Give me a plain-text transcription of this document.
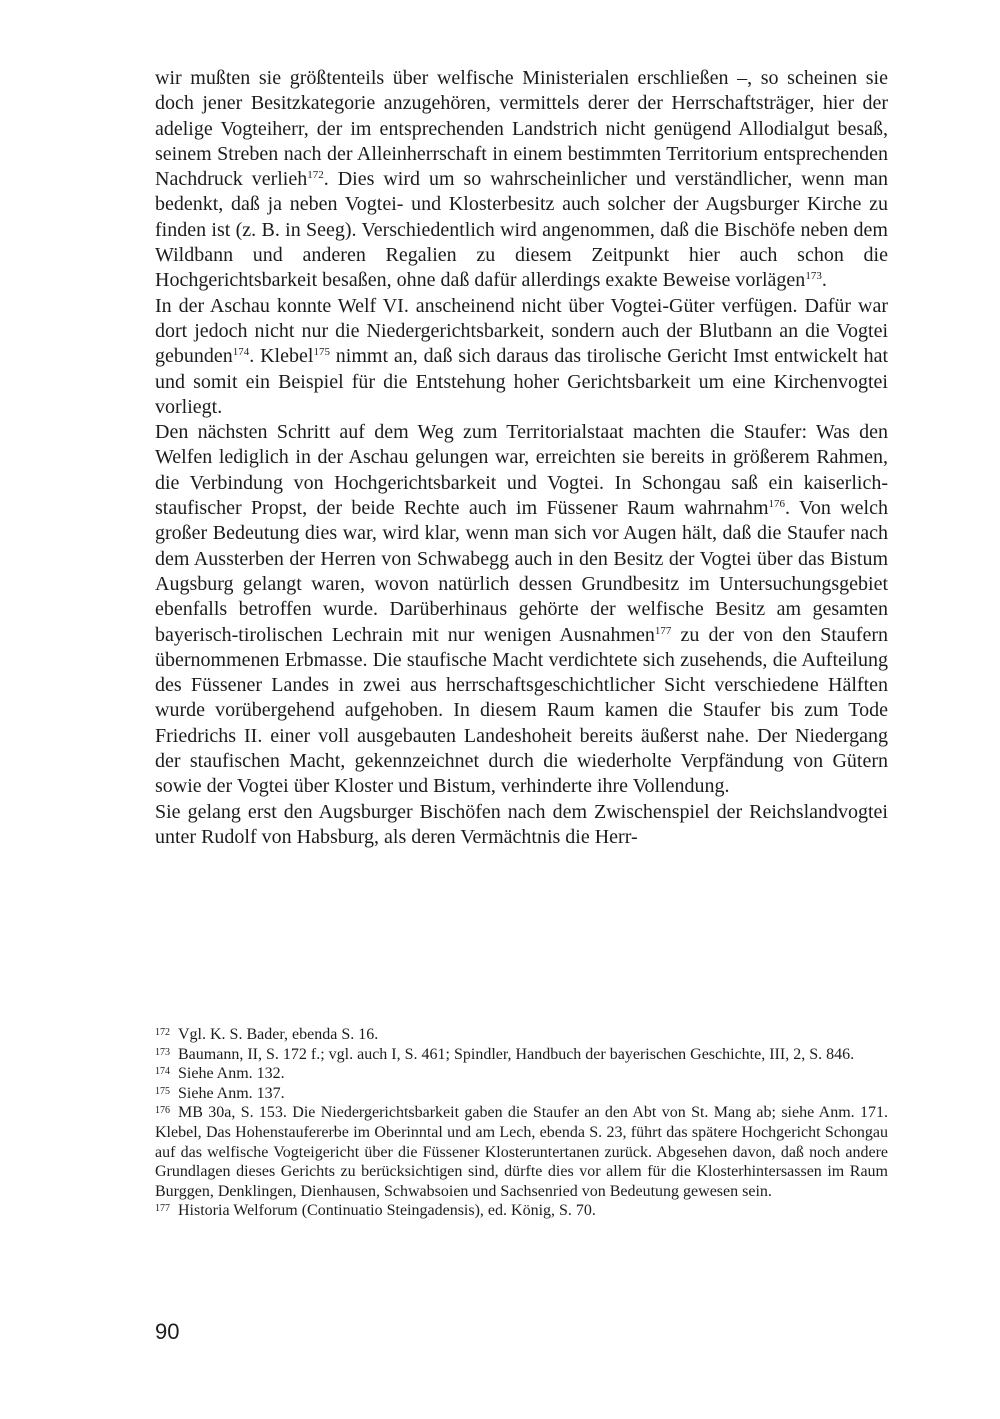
wir mußten sie größtenteils über welfische Ministerialen erschließen –, so scheinen sie doch jener Besitzkategorie anzugehören, vermittels derer der Herrschaftsträger, hier der adelige Vogteiherr, der im entsprechenden Landstrich nicht genügend Allodialgut besaß, seinem Streben nach der Alleinherrschaft in einem bestimmten Territorium entsprechenden Nachdruck verlieh$^{172}$. Dies wird um so wahrscheinlicher und verständlicher, wenn man bedenkt, daß ja neben Vogtei- und Klosterbesitz auch solcher der Augsburger Kirche zu finden ist (z. B. in Seeg). Verschiedentlich wird angenommen, daß die Bischöfe neben dem Wildbann und anderen Regalien zu diesem Zeitpunkt hier auch schon die Hochgerichtsbarkeit besaßen, ohne daß dafür allerdings exakte Beweise vorlägen$^{173}$.

In der Aschau konnte Welf VI. anscheinend nicht über Vogtei-Güter verfügen. Dafür war dort jedoch nicht nur die Niedergerichtsbarkeit, sondern auch der Blutbann an die Vogtei gebunden$^{174}$. Klebel$^{175}$ nimmt an, daß sich daraus das tirolische Gericht Imst entwickelt hat und somit ein Beispiel für die Entstehung hoher Gerichtsbarkeit um eine Kirchenvogtei vorliegt.

Den nächsten Schritt auf dem Weg zum Territorialstaat machten die Staufer: Was den Welfen lediglich in der Aschau gelungen war, erreichten sie bereits in größerem Rahmen, die Verbindung von Hochgerichtsbarkeit und Vogtei. In Schongau saß ein kaiserlich-staufischer Propst, der beide Rechte auch im Füssener Raum wahrnahm$^{176}$. Von welch großer Bedeutung dies war, wird klar, wenn man sich vor Augen hält, daß die Staufer nach dem Aussterben der Herren von Schwabegg auch in den Besitz der Vogtei über das Bistum Augsburg gelangt waren, wovon natürlich dessen Grundbesitz im Untersuchungsgebiet ebenfalls betroffen wurde. Darüberhinaus gehörte der welfische Besitz am gesamten bayerisch-tirolischen Lechrain mit nur wenigen Ausnahmen$^{177}$ zu der von den Staufern übernommenen Erbmasse. Die staufische Macht verdichtete sich zusehends, die Aufteilung des Füssener Landes in zwei aus herrschaftsgeschichtlicher Sicht verschiedene Hälften wurde vorübergehend aufgehoben. In diesem Raum kamen die Staufer bis zum Tode Friedrichs II. einer voll ausgebauten Landeshoheit bereits äußerst nahe. Der Niedergang der staufischen Macht, gekennzeichnet durch die wiederholte Verpfändung von Gütern sowie der Vogtei über Kloster und Bistum, verhinderte ihre Vollendung.

Sie gelang erst den Augsburger Bischöfen nach dem Zwischenspiel der Reichslandvogtei unter Rudolf von Habsburg, als deren Vermächtnis die Herr-

$^{172}$ Vgl. K. S. Bader, ebenda S. 16.

$^{173}$ Baumann, II, S. 172 f.; vgl. auch I, S. 461; Spindler, Handbuch der bayerischen Geschichte, III, 2, S. 846.

$^{174}$ Siehe Anm. 132.

$^{175}$ Siehe Anm. 137.

$^{176}$ MB 30a, S. 153. Die Niedergerichtsbarkeit gaben die Staufer an den Abt von St. Mang ab; siehe Anm. 171. Klebel, Das Hohenstaufererbe im Oberinntal und am Lech, ebenda S. 23, führt das spätere Hochgericht Schongau auf das welfische Vogteigericht über die Füssener Klosteruntertanen zurück. Abgesehen davon, daß noch andere Grundlagen dieses Gerichts zu berücksichtigen sind, dürfte dies vor allem für die Klosterhintersassen im Raum Burggen, Denklingen, Dienhausen, Schwabsoien und Sachsenried von Bedeutung gewesen sein.

$^{177}$ Historia Welforum (Continuatio Steingadensis), ed. König, S. 70.

90
